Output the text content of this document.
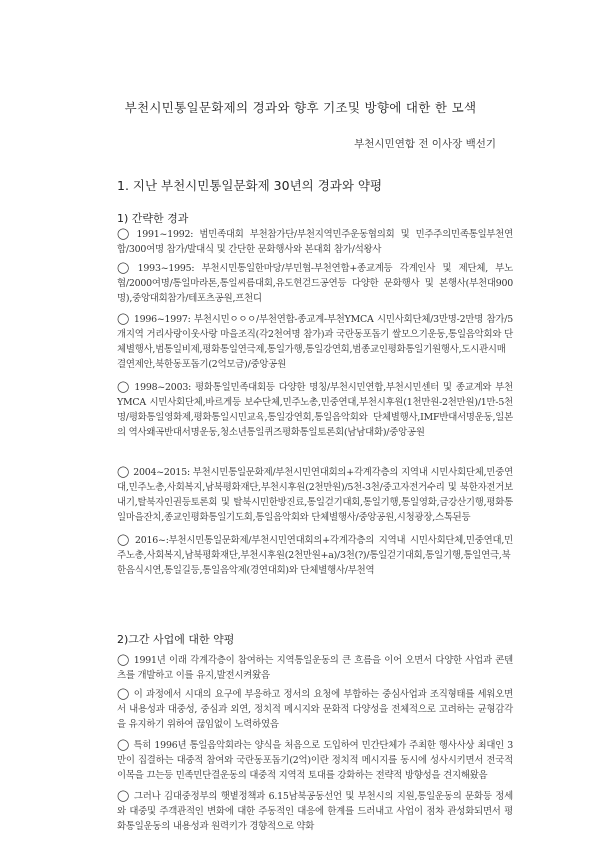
부천시민통일문화제의 경과와 향후 기조및 방향에 대한 한 모색
부천시민연합 전 이사장 백선기
1. 지난 부천시민통일문화제 30년의 경과와 약평
1) 간략한 경과
◯ 1991~1992: 범민족대회 부천참가단/부천지역민주운동협의회 및 민주주의민족통일부천연합/300여명 참가/발대식 및 간단한 문화행사와 본대회 참가/석왕사
◯ 1993~1995: 부천시민통일한마당/부민협-부천연합+종교계등 각계인사 및 제단체, 부노협/2000여명/통일마라톤,통일씨름대회,유도현걷드공연등 다양한 문화행사 및 본행사(부천대900명),중앙대회참가/테포츠공원,프천디
◯ 1996~1997: 부천시민ㅇㅇㅇ/부천연합-종교계-부천YMCA 시민사회단체/3만명-2만명 참가/5개지역 거리사랑이웃사랑 마을조직(각2천여명 참가)과 국란동포돕기 쌀모으기운동,통일음악회와 단체별행사,범통일비제,평화통일연극제,통일가행,통일강연회,범종교인평화통일기원행사,도시관시매결연제안,북한동포돕기(2억모금)/중앙공원
◯ 1998~2003: 평화통일민족대회등 다양한 명칭/부천시민연합,부천시민센터 및 종교계와 부천YMCA 시민사회단체,바르게등 보수단체,민주노총,민중연대,부천시후원(1천만원-2천만원)/1만-5천명/평화통일영화제,평화통일시민교육,통일강연회,통일음악회와 단체별행사,IMF반대서명운동,일본의 역사왜곡반대서명운동,청소년통일퀴즈평화통일토론회(남남대화)/중앙공원
◯ 2004~2015: 부천시민통일문화제/부천시민연대회의+각계각층의 지역내 시민사회단체,민중연대,민주노총,사회복지,남북평화재단,부천시후원(2천만원)/5천-3천/중고자전거수리 및 북한자전거보내기,탈북자인권등토론회 및 탈북시민한방진료,통일걷기대회,통일기행,통일영화,금강산기행,평화통일마을잔치,종교인평화통일기도회,통일음악회와 단체별행사/중앙공원,시청광장,스톡된등
◯ 2016~:부천시민통일문화제/부천시민연대회의+각계각층의 지역내 시민사회단체,민중연대,민주노총,사회복지,남북평화재단,부천시후원(2천만원+a)/3천(?)/통일걷기대회,통일기행,통일연극,북한음식시연,통일길등,통일음악제(경연대회)와 단체별행사/부천역
2)그간 사업에 대한 약평
◯ 1991년 이래 각계각층이 참여하는 지역통일운동의 큰 흐름을 이어 오면서 다양한 사업과 콘텐츠를 개발하고 이를 유지,발전시켜왔음
◯ 이 과정에서 시대의 요구에 부응하고 정서의 요청에 부합하는 중심사업과 조직형태를 세워오면서 내용성과 대중성, 중심과 외연, 정치적 메시지와 문화적 다양성을 전체적으로 고려하는 균형감각을 유지하기 위하여 끊임없이 노력하였음
◯ 특히 1996년 통일음악회라는 양식을 처음으로 도입하여 민간단체가 주최한 행사사상 최대인 3만이 집결하는 대중적 참여와 국란동포돕기(2억)이란 정치적 메시지를 동시에 성사시키면서 전국적 이목을 끄는등 민족민단결운동의 대중적 지역적 토대를 강화하는 전략적 방향성을 견지해왔음
◯ 그러나 김대중정부의 햇볕정책과 6.15남북공동선언 및 부천시의 지원,통일운동의 문화등 정세와 대중및 주객관적인 변화에 대한 주동적인 대응에 한계를 드러내고 사업이 점차 관성화되면서 평화통일운동의 내용성과 원력키가 경향적으로 약화
